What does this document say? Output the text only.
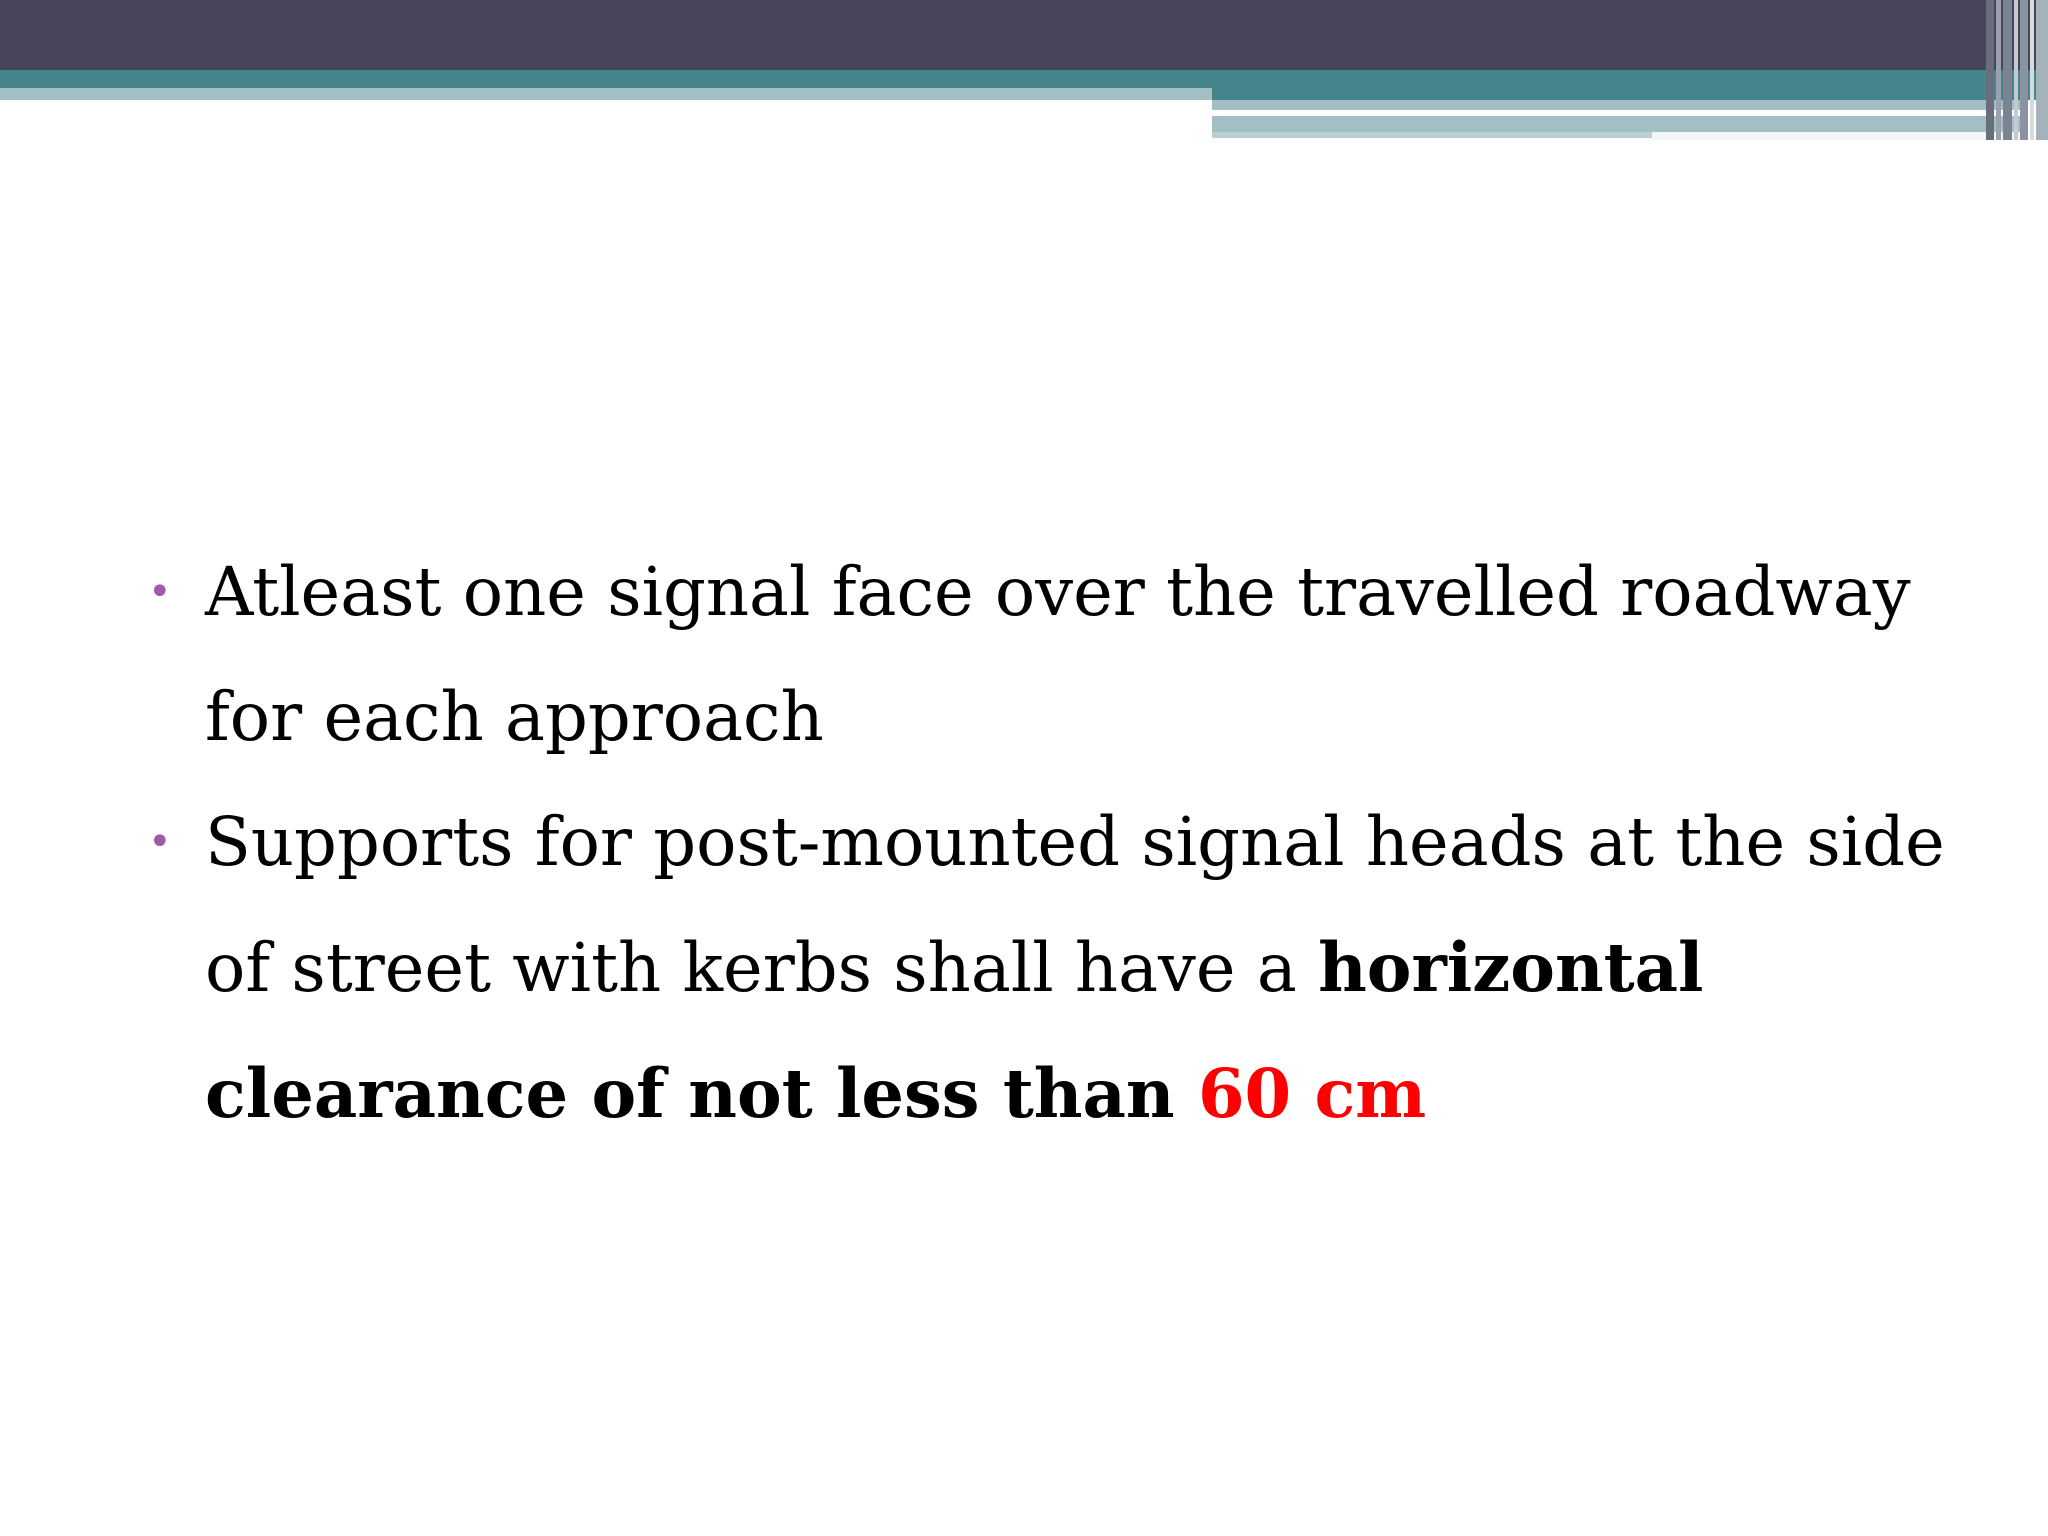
• Atleast one signal face over the travelled roadway for each approach

• Supports for post-mounted signal heads at the side of street with kerbs shall have a horizontal clearance of not less than 60 cm
